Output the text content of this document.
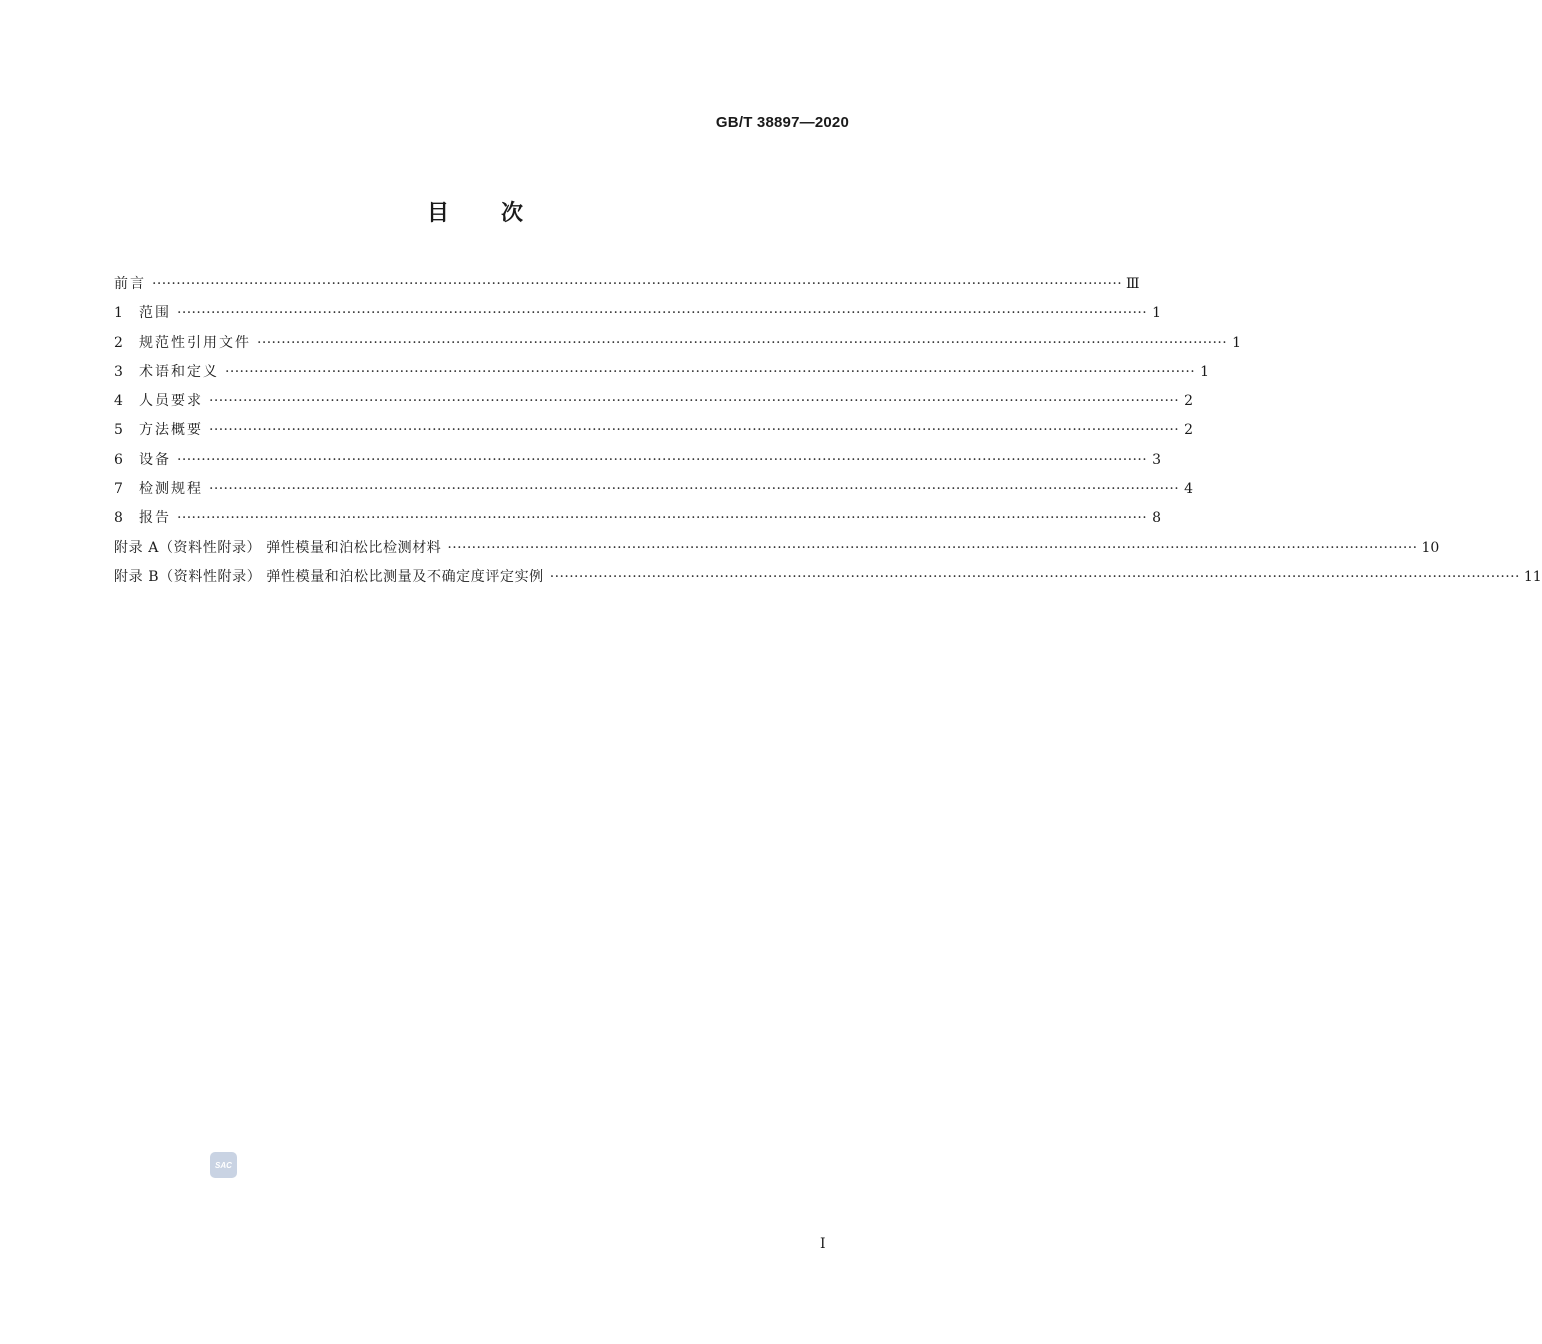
GB/T 38897—2020
目 次
前言 ········································································································································································································ Ⅲ
1	范围 ········································································································································································································ 1
2	规范性引用文件 ········································································································································································································ 1
3	术语和定义 ········································································································································································································ 1
4	人员要求 ········································································································································································································ 2
5	方法概要 ········································································································································································································ 2
6	设备 ········································································································································································································ 3
7	检测规程 ········································································································································································································ 4
8	报告 ········································································································································································································ 8
附录 A（资料性附录） 弹性模量和泊松比检测材料 ········································································································································································································ 10
附录 B（资料性附录） 弹性模量和泊松比测量及不确定度评定实例 ········································································································································································································ 11
SAC
I
